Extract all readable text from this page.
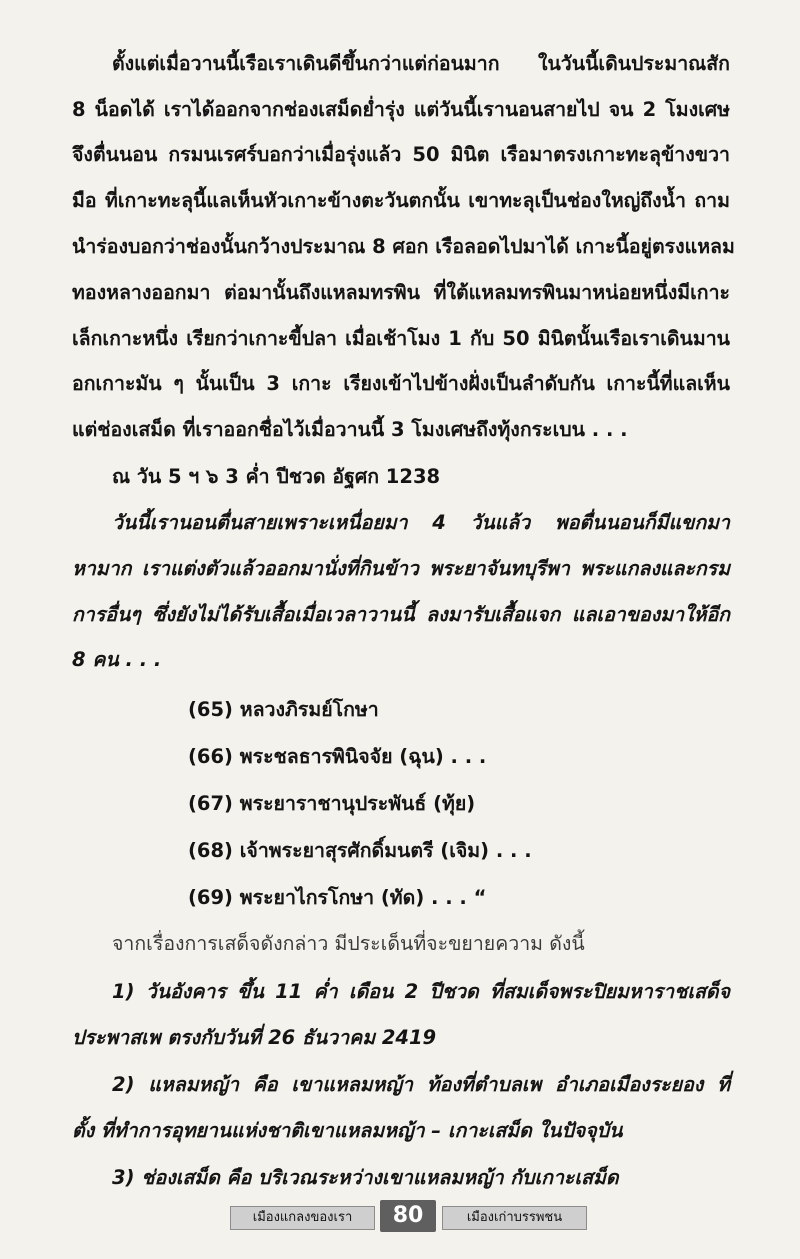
ตั้งแต่เมื่อวานนี้เรือเราเดินดีขึ้นกว่าแต่ก่อนมาก ในวันนี้เดินประมาณสัก
8 น็อดได้ เราได้ออกจากช่องเสม็ดย่ำรุ่ง แต่วันนี้เรานอนสายไป จน 2 โมงเศษ
จึงตื่นนอน กรมนเรศร์บอกว่าเมื่อรุ่งแล้ว 50 มินิต เรือมาตรงเกาะทะลุข้างขวา
มือ ที่เกาะทะลุนี้แลเห็นหัวเกาะข้างตะวันตกนั้น เขาทะลุเป็นช่องใหญ่ถึงน้ำ ถาม
นำร่องบอกว่าช่องนั้นกว้างประมาณ 8 ศอก เรือลอดไปมาได้ เกาะนี้อยู่ตรงแหลม
ทองหลางออกมา ต่อมานั้นถึงแหลมทรพิน ที่ใต้แหลมทรพินมาหน่อยหนึ่งมีเกาะ
เล็กเกาะหนึ่ง เรียกว่าเกาะขี้ปลา เมื่อเช้าโมง 1 กับ 50 มินิตนั้นเรือเราเดินมาน
อกเกาะมัน ๆ นั้นเป็น 3 เกาะ เรียงเข้าไปข้างฝั่งเป็นลำดับกัน เกาะนี้ที่แลเห็น
แต่ช่องเสม็ด ที่เราออกชื่อไว้เมื่อวานนี้ 3 โมงเศษถึงทุ้งกระเบน . . .
ณ วัน 5 ฯ ๖ 3 ค่ำ ปีชวด อัฐศก 1238
วันนี้เรานอนตื่นสายเพราะเหนื่อยมา 4 วันแล้ว พอตื่นนอนก็มีแขกมา
หามาก เราแต่งตัวแล้วออกมานั่งที่กินข้าว พระยาจันทบุรีพา พระแกลงและกรม
การอื่นๆ ซึ่งยังไม่ได้รับเสื้อเมื่อเวลาวานนี้ ลงมารับเสื้อแจก แลเอาของมาให้อีก
8 คน . . .
(65) หลวงภิรมย์โกษา
(66) พระชลธารพินิจจัย (ฉุน) . . .
(67) พระยาราชานุประพันธ์ (ทุ้ย)
(68) เจ้าพระยาสุรศักดิ์มนตรี (เจิม) . . .
(69) พระยาไกรโกษา (ทัด) . . . “
จากเรื่องการเสด็จดังกล่าว มีประเด็นที่จะขยายความ ดังนี้
1) วันอังคาร ขึ้น 11 ค่ำ เดือน 2 ปีชวด ที่สมเด็จพระปิยมหาราชเสด็จ
ประพาสเพ ตรงกับวันที่ 26 ธันวาคม 2419
2) แหลมหญ้า คือ เขาแหลมหญ้า ท้องที่ตำบลเพ อำเภอเมืองระยอง ที่
ตั้ง ที่ทำการอุทยานแห่งชาติเขาแหลมหญ้า – เกาะเสม็ด ในปัจจุบัน
3) ช่องเสม็ด คือ บริเวณระหว่างเขาแหลมหญ้า กับเกาะเสม็ด
เมืองแกลงของเรา	80	เมืองเก่าบรรพชน
